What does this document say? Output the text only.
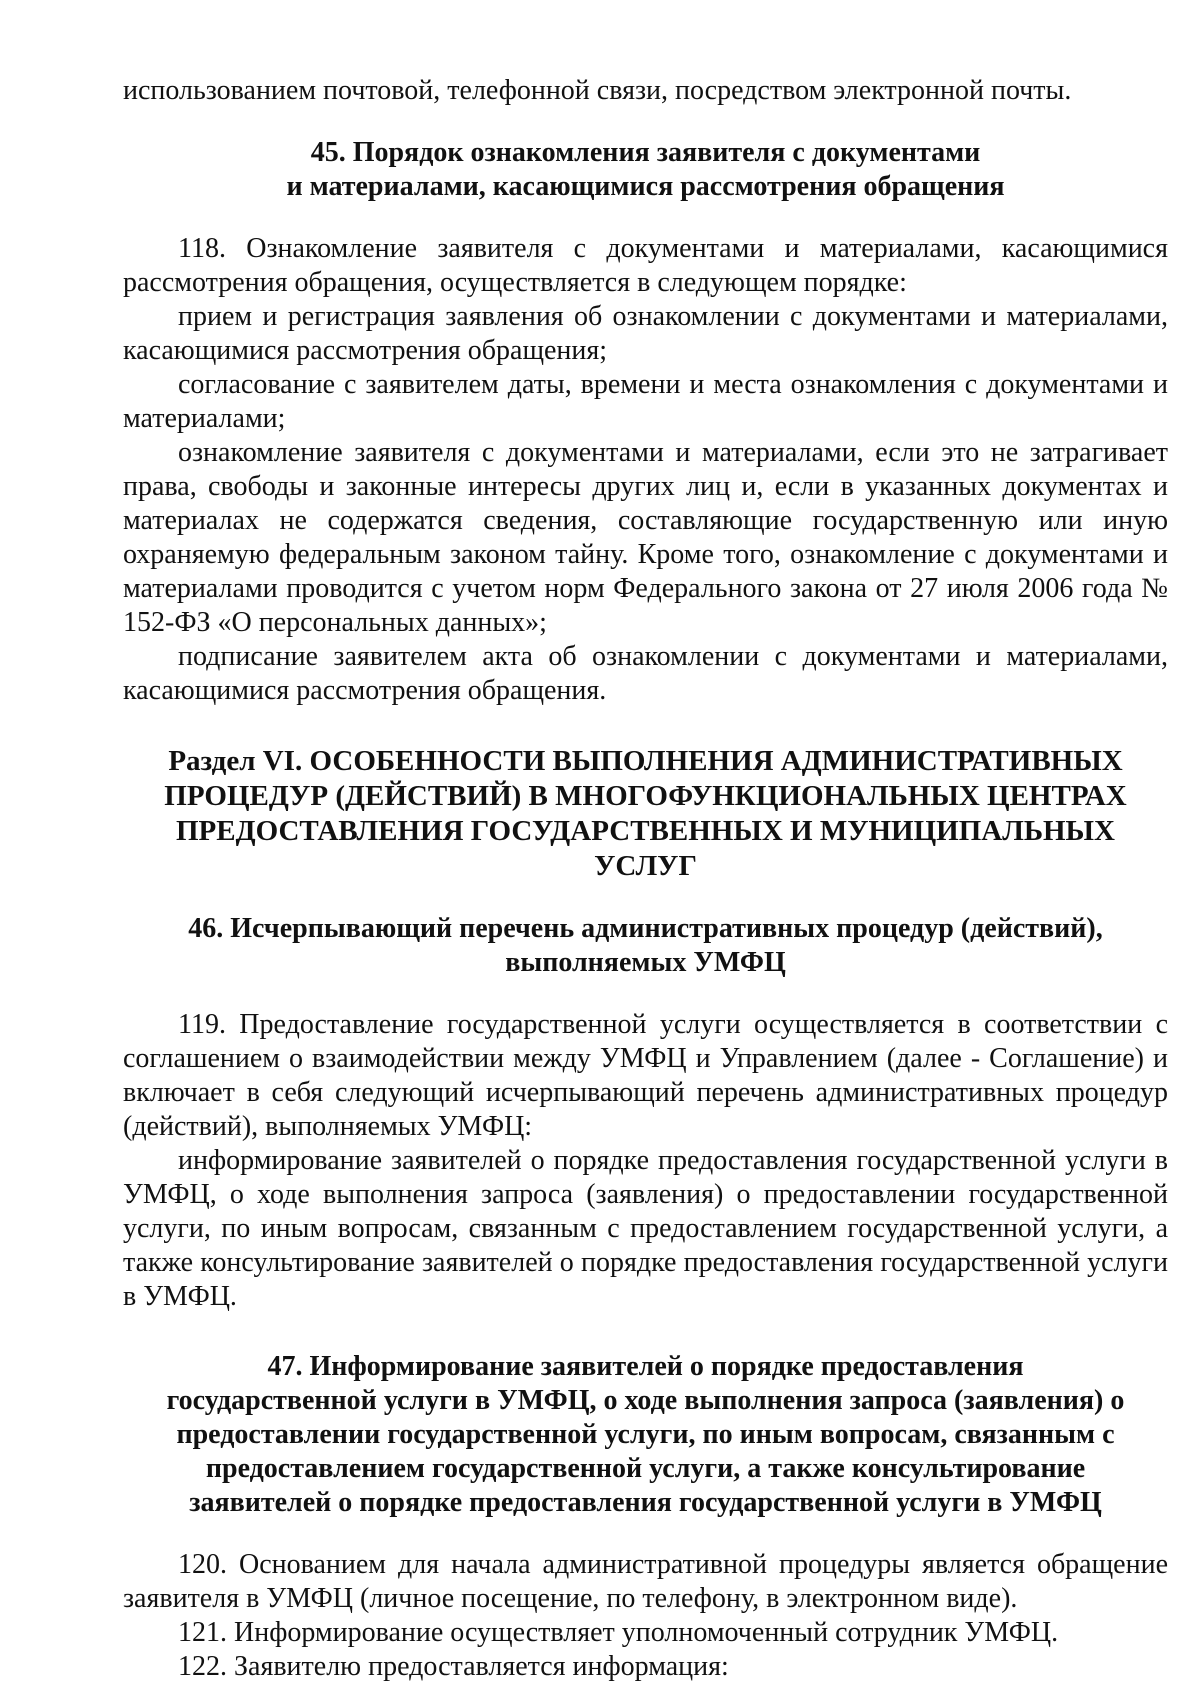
использованием почтовой, телефонной связи, посредством электронной почты.

45. Порядок ознакомления заявителя с документами
и материалами, касающимися рассмотрения обращения

118. Ознакомление заявителя с документами и материалами, касающимися рассмотрения обращения, осуществляется в следующем порядке:

прием и регистрация заявления об ознакомлении с документами и материалами, касающимися рассмотрения обращения;

согласование с заявителем даты, времени и места ознакомления с документами и материалами;

ознакомление заявителя с документами и материалами, если это не затрагивает права, свободы и законные интересы других лиц и, если в указанных документах и материалах не содержатся сведения, составляющие государственную или иную охраняемую федеральным законом тайну. Кроме того, ознакомление с документами и материалами проводится с учетом норм Федерального закона от 27 июля 2006 года № 152-ФЗ «О персональных данных»;

подписание заявителем акта об ознакомлении с документами и материалами, касающимися рассмотрения обращения.

Раздел VI. ОСОБЕННОСТИ ВЫПОЛНЕНИЯ АДМИНИСТРАТИВНЫХ
ПРОЦЕДУР (ДЕЙСТВИЙ) В МНОГОФУНКЦИОНАЛЬНЫХ ЦЕНТРАХ
ПРЕДОСТАВЛЕНИЯ ГОСУДАРСТВЕННЫХ И МУНИЦИПАЛЬНЫХ УСЛУГ
46. Исчерпывающий перечень административных процедур (действий),
выполняемых УМФЦ

119. Предоставление государственной услуги осуществляется в соответствии с соглашением о взаимодействии между УМФЦ и Управлением (далее - Соглашение) и включает в себя следующий исчерпывающий перечень административных процедур (действий), выполняемых УМФЦ:

информирование заявителей о порядке предоставления государственной услуги в УМФЦ, о ходе выполнения запроса (заявления) о предоставлении государственной услуги, по иным вопросам, связанным с предоставлением государственной услуги, а также консультирование заявителей о порядке предоставления государственной услуги в УМФЦ.

47. Информирование заявителей о порядке предоставления
государственной услуги в УМФЦ, о ходе выполнения запроса (заявления) о
предоставлении государственной услуги, по иным вопросам, связанным с
предоставлением государственной услуги, а также консультирование
заявителей о порядке предоставления государственной услуги в УМФЦ

120. Основанием для начала административной процедуры является обращение заявителя в УМФЦ (личное посещение, по телефону, в электронном виде).

121. Информирование осуществляет уполномоченный сотрудник УМФЦ.

122. Заявителю предоставляется информация:
